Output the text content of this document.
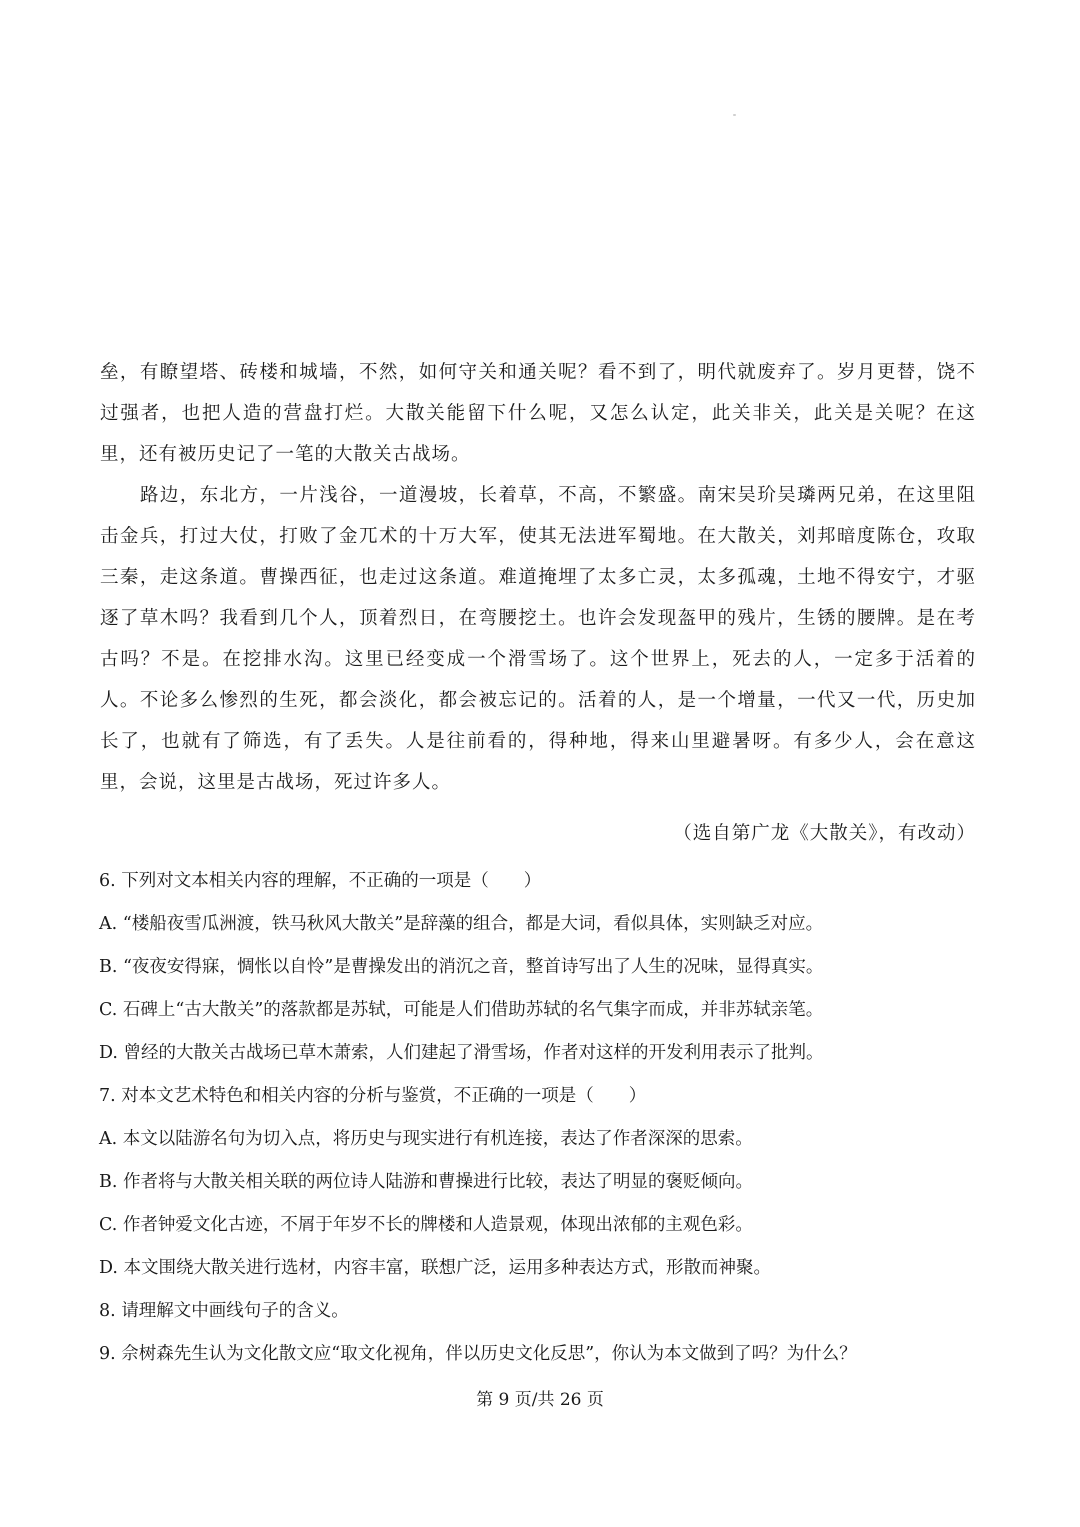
垒，有瞭望塔、砖楼和城墙，不然，如何守关和通关呢？看不到了，明代就废弃了。岁月更替，饶不过强者，也把人造的营盘打烂。大散关能留下什么呢，又怎么认定，此关非关，此关是关呢？在这里，还有被历史记了一笔的大散关古战场。

路边，东北方，一片浅谷，一道漫坡，长着草，不高，不繁盛。南宋吴玠吴璘两兄弟，在这里阻击金兵，打过大仗，打败了金兀术的十万大军，使其无法进军蜀地。在大散关，刘邦暗度陈仓，攻取三秦，走这条道。曹操西征，也走过这条道。难道掩埋了太多亡灵，太多孤魂，土地不得安宁，才驱逐了草木吗？我看到几个人，顶着烈日，在弯腰挖土。也许会发现盔甲的残片，生锈的腰牌。是在考古吗？不是。在挖排水沟。这里已经变成一个滑雪场了。这个世界上，死去的人，一定多于活着的人。不论多么惨烈的生死，都会淡化，都会被忘记的。活着的人，是一个增量，一代又一代，历史加长了，也就有了筛选，有了丢失。人是往前看的，得种地，得来山里避暑呀。有多少人，会在意这里，会说，这里是古战场，死过许多人。

（选自第广龙《大散关》，有改动）
6. 下列对文本相关内容的理解，不正确的一项是（　　）
A. “楼船夜雪瓜洲渡，铁马秋风大散关”是辞藻的组合，都是大词，看似具体，实则缺乏对应。
B. “夜夜安得寐，惆怅以自怜”是曹操发出的消沉之音，整首诗写出了人生的况味，显得真实。
C. 石碑上“古大散关”的落款都是苏轼，可能是人们借助苏轼的名气集字而成，并非苏轼亲笔。
D. 曾经的大散关古战场已草木萧索，人们建起了滑雪场，作者对这样的开发利用表示了批判。
7. 对本文艺术特色和相关内容的分析与鉴赏，不正确的一项是（　　）
A. 本文以陆游名句为切入点，将历史与现实进行有机连接，表达了作者深深的思索。
B. 作者将与大散关相关联的两位诗人陆游和曹操进行比较，表达了明显的褒贬倾向。
C. 作者钟爱文化古迹，不屑于年岁不长的牌楼和人造景观，体现出浓郁的主观色彩。
D. 本文围绕大散关进行选材，内容丰富，联想广泛，运用多种表达方式，形散而神聚。
8. 请理解文中画线句子的含义。
9. 佘树森先生认为文化散文应“取文化视角，伴以历史文化反思”，你认为本文做到了吗？为什么？
第 9 页/共 26 页
